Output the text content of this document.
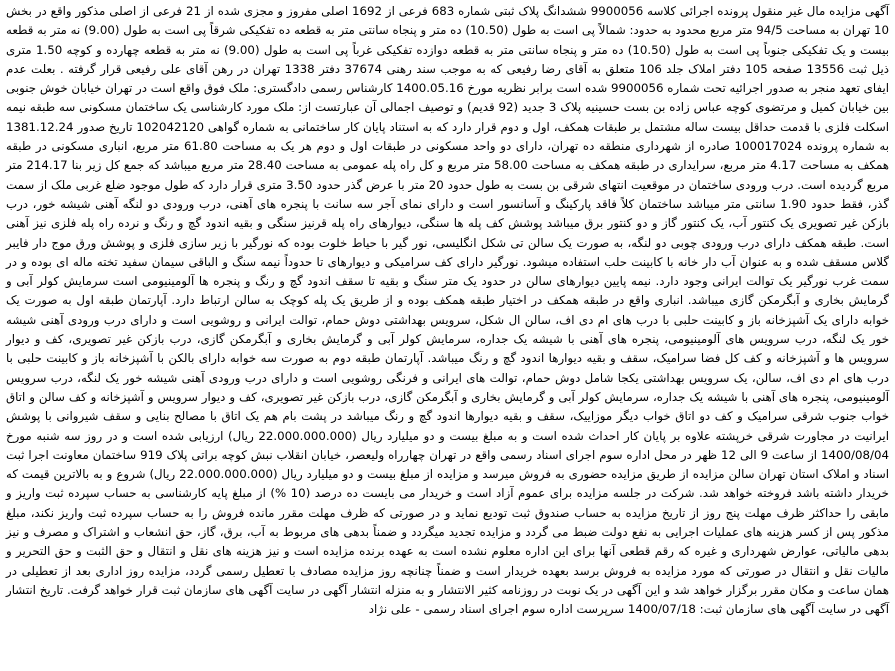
آگهی مزایده مال غیر منقول پرونده اجرائی کلاسه 9900056 ششدانگ پلاک ثبتی شماره 683 فرعی از 1692 اصلی مفروز و مجزی شده از 21 فرعی از اصلی مذکور واقع در بخش 10 تهران به مساحت 94/5 متر مربع محدود به حدود: شمالاً پی است به طول (10.50) ده متر و پنجاه سانتی متر به قطعه ده تفکیکی شرقاً پی است به طول (9.00) نه متر به قطعه بیست و یک تفکیکی جنوباً پی است به طول (10.50) ده متر و پنجاه سانتی متر به قطعه دوازده تفکیکی غرباً پی است به طول (9.00) نه متر به قطعه چهارده و کوچه 1.50 متری ذیل ثبت 13556 صفحه 105 دفتر املاک جلد 106 متعلق به آقای رضا رفیعی که به موجب سند رهنی 37674 دفتر 1338 تهران در رهن آقای علی رفیعی قرار گرفته . بعلت عدم ایفای تعهد منجر به صدور اجرائیه تحت شماره 9900056 شده است برابر نظریه مورخ 1400.05.16 کارشناس رسمی دادگستری: ملک فوق واقع است در تهران خیابان خوش جنوبی بین خیابان کمیل و مرتضوی کوچه عباس زاده بن بست حسینیه پلاک 3 جدید (92 قدیم) و توصیف اجمالی آن عبارتست از: ملک مورد کارشناسی یک ساختمان مسکونی سه طبقه نیمه اسکلت فلزی با قدمت حداقل بیست ساله مشتمل بر طبقات همکف، اول و دوم قرار دارد که به استناد پایان کار ساختمانی به شماره گواهی 102042120 تاریخ صدور 1381.12.24 به شماره پرونده 100017024 صادره از شهرداری منطقه ده تهران، دارای دو واحد مسکونی در طبقات اول و دوم هر یک به مساحت 61.80 متر مربع، انباری مسکونی در طبقه همکف به مساحت 4.17 متر مربع، سرایداری در طبقه همکف به مساحت 58.00 متر مربع و کل راه پله عمومی به مساحت 28.40 متر مربع میباشد که جمع کل زیر بنا 214.17 متر مربع گردیده است. درب ورودی ساختمان در موقعیت انتهای شرقی بن بست به طول حدود 20 متر با عرض گذر حدود 3.50 متری قرار دارد که طول موجود ضلع غربی ملک از سمت گذر، فقط حدود 1.90 سانتی متر میباشد ساختمان کلاً فاقد پارکینگ و آسانسور است و دارای نمای آجر سه سانت با پنجره های آهنی، درب ورودی دو لنگه آهنی شیشه خور، درب بازکن غیر تصویری یک کنتور آب، یک کنتور گاز و دو کنتور برق میباشد پوشش کف پله ها سنگی، دیوارهای راه پله قرنیز سنگی و بقیه اندود گچ و رنگ و نرده راه پله فلزی نیز آهنی است. طبقه همکف دارای درب ورودی چوبی دو لنگه، به صورت یک سالن تی شکل انگلیسی، نور گیر با حیاط خلوت بوده که نورگیر با زیر سازی فلزی و پوشش ورق موج دار فایبر گلاس مسقف شده و به عنوان آب دار خانه با کابینت حلب استفاده میشود. نورگیر دارای کف سرامیکی و دیوارهای تا حدوداً نیمه سنگ و الباقی سیمان سفید تخته ماله ای بوده و در سمت غرب نورگیر یک توالت ایرانی وجود دارد. نیمه پایین دیوارهای سالن در حدود یک متر سنگ و بقیه تا سقف اندود گچ و رنگ و پنجره ها آلومینیومی است سرمایش کولر آبی و گرمایش بخاری و آبگرمکن گازی میباشد. انباری واقع در طبقه همکف در اختیار طبقه همکف بوده و از طریق یک پله کوچک به سالن ارتباط دارد. آپارتمان طبقه اول به صورت یک خوابه دارای یک آشپزخانه باز و کابینت حلبی با درب های ام دی اف، سالن ال شکل، سرویس بهداشتی دوش حمام، توالت ایرانی و روشویی است و دارای درب ورودی آهنی شیشه خور یک لنگه، درب سرویس های آلومینیومی، پنجره های آهنی با شیشه یک جداره، سرمایش کولر آبی و گرمایش بخاری و آبگرمکن گازی، درب بازکن غیر تصویری، کف و دیوار سرویس ها و آشپزخانه و کف کل فضا سرامیک، سقف و بقیه دیوارها اندود گچ و رنگ میباشد. آپارتمان طبقه دوم به صورت سه خوابه دارای بالکن با آشپزخانه باز و کابینت حلبی با درب های ام دی اف، سالن، یک سرویس بهداشتی یکجا شامل دوش حمام، توالت های ایرانی و فرنگی روشویی است و دارای درب ورودی آهنی شیشه خور یک لنگه، درب سرویس آلومینیومی، پنجره های آهنی با شیشه یک جداره، سرمایش کولر آبی و گرمایش بخاری و آبگرمکن گازی، درب بازکن غیر تصویری، کف و دیوار سرویس و آشپزخانه و کف سالن و اتاق خواب جنوب شرقی سرامیک و کف دو اتاق خواب دیگر موزاییک، سقف و بقیه دیوارها اندود گچ و رنگ میباشد در پشت بام هم یک اتاق با مصالح بنایی و سقف شیروانی با پوشش ایرانیت در مجاورت شرقی خرپشته علاوه بر پایان کار احداث شده است و به مبلغ بیست و دو میلیارد ریال (22.000.000.000 ریال) ارزیابی شده است و در روز سه شنبه مورخ 1400/08/04 از ساعت 9 الی 12 ظهر در محل اداره سوم اجرای اسناد رسمی واقع در تهران چهارراه ولیعصر، خیابان انقلاب نبش کوچه براتی پلاک 919 ساختمان معاونت اجرا ثبت اسناد و املاک استان تهران سالن مزایده از طریق مزایده حضوری به فروش میرسد و مزایده از مبلغ بیست و دو میلیارد ریال (22.000.000.000 ریال) شروع و به بالاترین قیمت که خریدار داشته باشد فروخته خواهد شد. شرکت در جلسه مزایده برای عموم آزاد است و خریدار می بایست ده درصد (10 %) از مبلغ پایه کارشناسی به حساب سپرده ثبت واریز و مابقی را حداکثر ظرف مهلت پنج روز از تاریخ مزایده به حساب صندوق ثبت تودیع نماید و در صورتی که ظرف مهلت مقرر مانده فروش را به حساب سپرده ثبت واریز نکند، مبلغ مذکور پس از کسر هزینه های عملیات اجرایی به نفع دولت ضبط می گردد و مزایده تجدید میگردد و ضمناً بدهی های مربوط به آب، برق، گاز، حق انشعاب و اشتراک و مصرف و نیز بدهی مالیاتی، عوارض شهرداری و غیره که رقم قطعی آنها برای این اداره معلوم نشده است به عهده برنده مزایده است و نیز هزینه های نقل و انتقال و حق الثبت و حق التحریر و مالیات نقل و انتقال در صورتی که مورد مزایده به فروش برسد بعهده خریدار است و ضمناً چنانچه روز مزایده مصادف با تعطیل رسمی گردد، مزایده روز اداری بعد از تعطیلی در همان ساعت و مکان مقرر برگزار خواهد شد و این آگهی در یک نوبت در روزنامه کثیر الانتشار و به منزله انتشار آگهی در سایت آگهی های سازمان ثبت قرار خواهد گرفت. تاریخ انتشار آگهی در سایت آگهی های سازمان ثبت: 1400/07/18 سرپرست اداره سوم اجرای اسناد رسمی - علی نژاد
